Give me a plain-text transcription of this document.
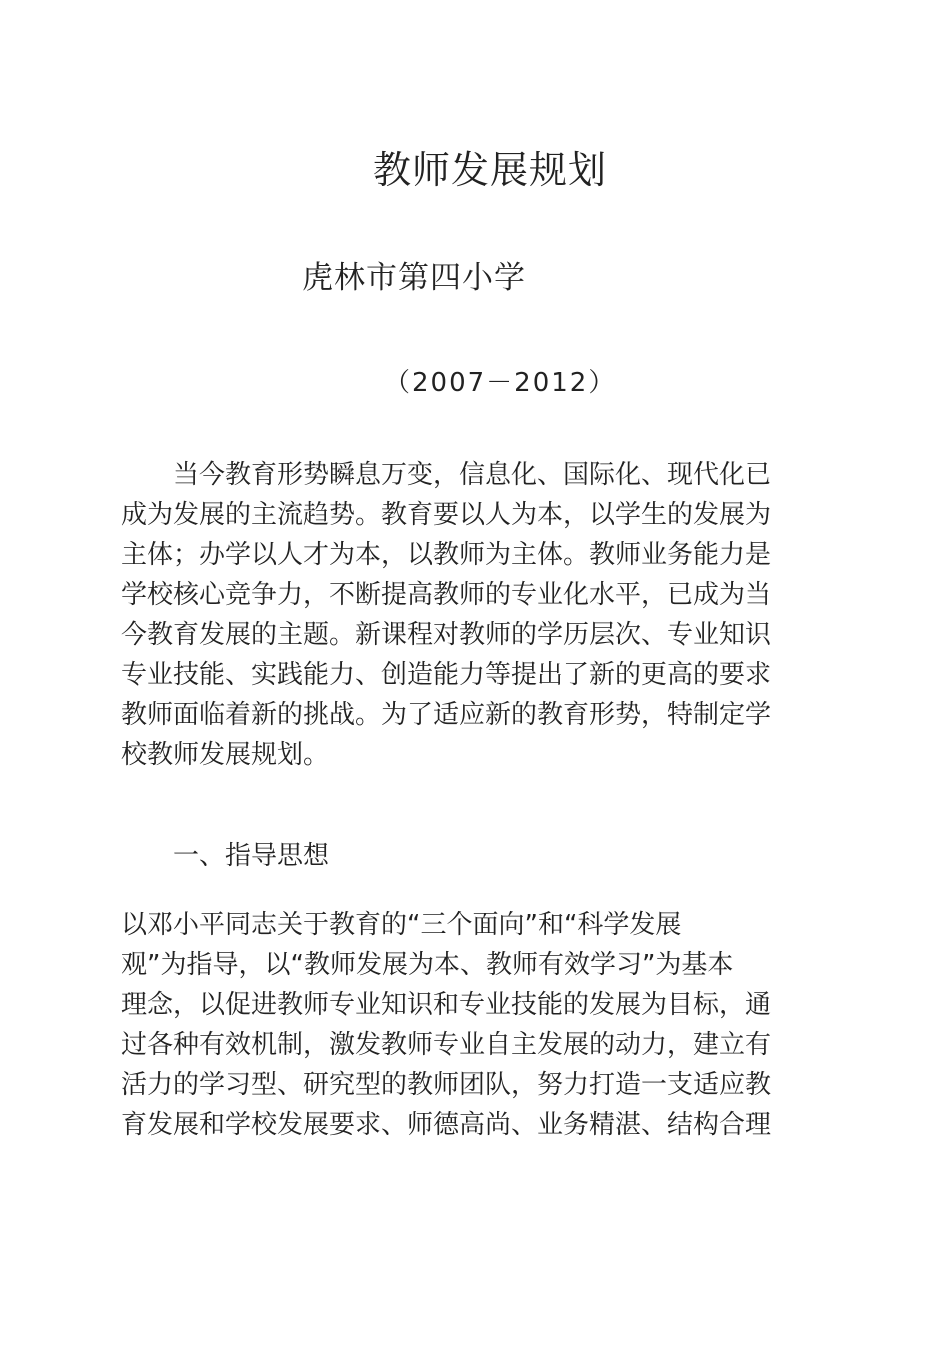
教师发展规划
虎林市第四小学
（2007－2012）
　　当今教育形势瞬息万变，信息化、国际化、现代化已
成为发展的主流趋势。教育要以人为本，以学生的发展为
主体；办学以人才为本，以教师为主体。教师业务能力是
学校核心竞争力，不断提高教师的专业化水平，已成为当
今教育发展的主题。新课程对教师的学历层次、专业知识
专业技能、实践能力、创造能力等提出了新的更高的要求
教师面临着新的挑战。为了适应新的教育形势，特制定学
校教师发展规划。
　　一、指导思想
以邓小平同志关于教育的“三个面向”和“科学发展
观”为指导，以“教师发展为本、教师有效学习”为基本
理念，以促进教师专业知识和专业技能的发展为目标，通
过各种有效机制，激发教师专业自主发展的动力，建立有
活力的学习型、研究型的教师团队，努力打造一支适应教
育发展和学校发展要求、师德高尚、业务精湛、结构合理
